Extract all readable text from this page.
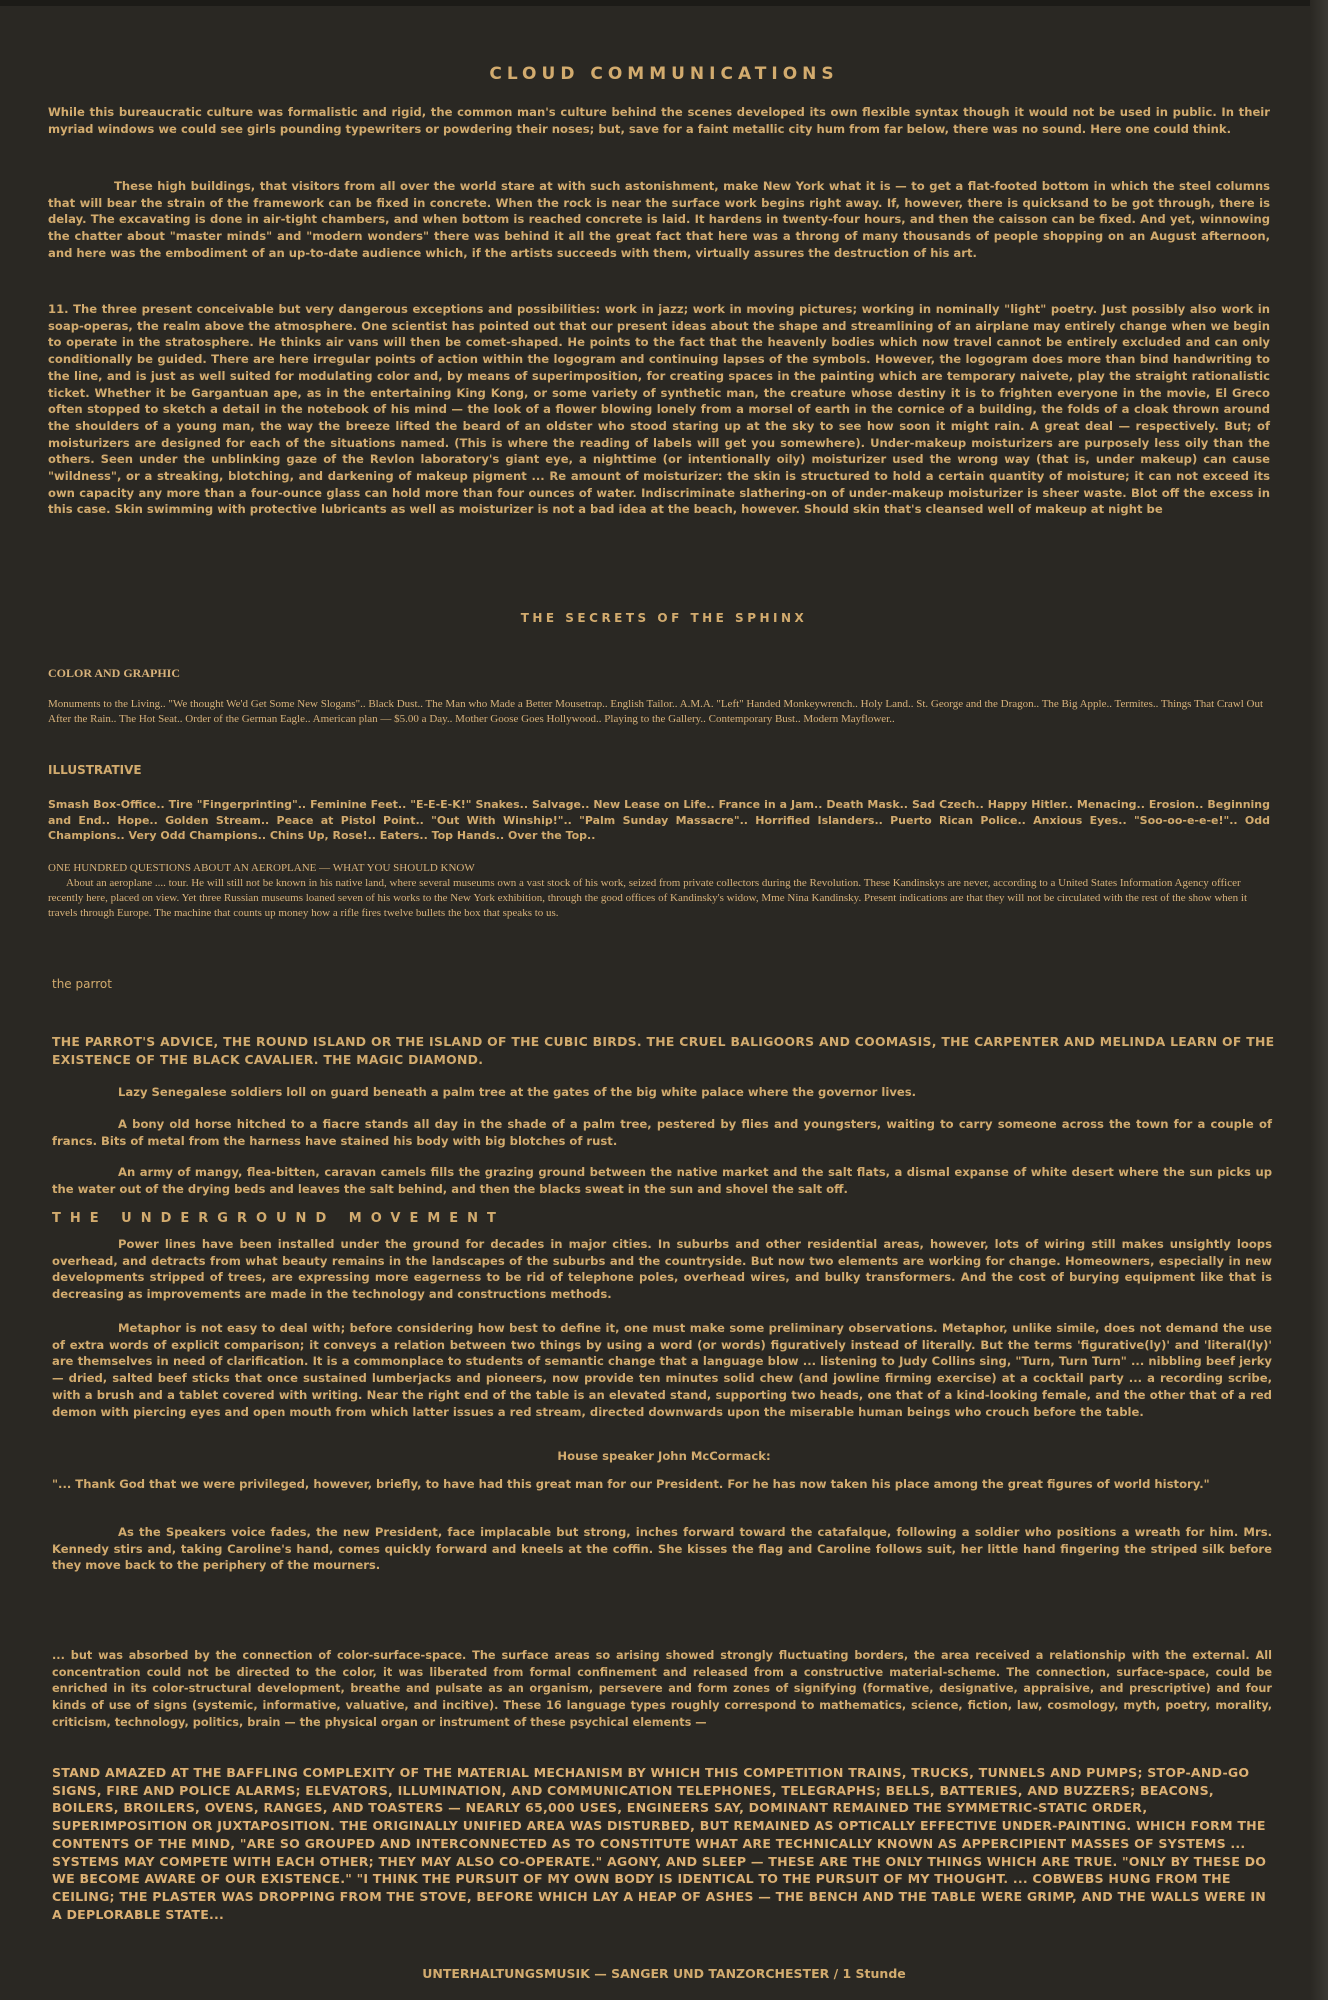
CLOUD COMMUNICATIONS

While this bureaucratic culture was formalistic and rigid, the common man's culture behind the scenes developed its own flexible syntax though it would not be used in public. In their myriad windows we could see girls pounding typewriters or powdering their noses; but, save for a faint metallic city hum from far below, there was no sound. Here one could think.

These high buildings, that visitors from all over the world stare at with such astonishment, make New York what it is — to get a flat-footed bottom in which the steel columns that will bear the strain of the framework can be fixed in concrete. When the rock is near the surface work begins right away. If, however, there is quicksand to be got through, there is delay. The excavating is done in air-tight chambers, and when bottom is reached concrete is laid. It hardens in twenty-four hours, and then the caisson can be fixed. And yet, winnowing the chatter about "master minds" and "modern wonders" there was behind it all the great fact that here was a throng of many thousands of people shopping on an August afternoon, and here was the embodiment of an up-to-date audience which, if the artists succeeds with them, virtually assures the destruction of his art.

11. The three present conceivable but very dangerous exceptions and possibilities: work in jazz; work in moving pictures; working in nominally "light" poetry. Just possibly also work in soap-operas, the realm above the atmosphere. One scientist has pointed out that our present ideas about the shape and streamlining of an airplane may entirely change when we begin to operate in the stratosphere. He thinks air vans will then be comet-shaped. He points to the fact that the heavenly bodies which now travel cannot be entirely excluded and can only conditionally be guided. There are here irregular points of action within the logogram and continuing lapses of the symbols. However, the logogram does more than bind handwriting to the line, and is just as well suited for modulating color and, by means of superimposition, for creating spaces in the painting which are temporary naivete, play the straight rationalistic ticket. Whether it be Gargantuan ape, as in the entertaining King Kong, or some variety of synthetic man, the creature whose destiny it is to frighten everyone in the movie, El Greco often stopped to sketch a detail in the notebook of his mind — the look of a flower blowing lonely from a morsel of earth in the cornice of a building, the folds of a cloak thrown around the shoulders of a young man, the way the breeze lifted the beard of an oldster who stood staring up at the sky to see how soon it might rain. A great deal — respectively. But; of moisturizers are designed for each of the situations named. (This is where the reading of labels will get you somewhere). Under-makeup moisturizers are purposely less oily than the others. Seen under the unblinking gaze of the Revlon laboratory's giant eye, a nighttime (or intentionally oily) moisturizer used the wrong way (that is, under makeup) can cause "wildness", or a streaking, blotching, and darkening of makeup pigment ... Re amount of moisturizer: the skin is structured to hold a certain quantity of moisture; it can not exceed its own capacity any more than a four-ounce glass can hold more than four ounces of water. Indiscriminate slathering-on of under-makeup moisturizer is sheer waste. Blot off the excess in this case. Skin swimming with protective lubricants as well as moisturizer is not a bad idea at the beach, however. Should skin that's cleansed well of makeup at night be

THE SECRETS OF THE SPHINX
COLOR AND GRAPHIC

Monuments to the Living.. "We thought We'd Get Some New Slogans".. Black Dust.. The Man who Made a Better Mousetrap.. English Tailor.. A.M.A. "Left" Handed Monkeywrench.. Holy Land.. St. George and the Dragon.. The Big Apple.. Termites.. Things That Crawl Out After the Rain.. The Hot Seat.. Order of the German Eagle.. American plan — $5.00 a Day.. Mother Goose Goes Hollywood.. Playing to the Gallery.. Contemporary Bust.. Modern Mayflower..

ILLUSTRATIVE

Smash Box-Office.. Tire "Fingerprinting".. Feminine Feet.. "E-E-E-K!" Snakes.. Salvage.. New Lease on Life.. France in a Jam.. Death Mask.. Sad Czech.. Happy Hitler.. Menacing.. Erosion.. Beginning and End.. Hope.. Golden Stream.. Peace at Pistol Point.. "Out With Winship!".. "Palm Sunday Massacre".. Horrified Islanders.. Puerto Rican Police.. Anxious Eyes.. "Soo-oo-e-e-e!".. Odd Champions.. Very Odd Champions.. Chins Up, Rose!.. Eaters.. Top Hands.. Over the Top..

ONE HUNDRED QUESTIONS ABOUT AN AEROPLANE — WHAT YOU SHOULD KNOW

About an aeroplane .... tour. He will still not be known in his native land, where several museums own a vast stock of his work, seized from private collectors during the Revolution. These Kandinskys are never, according to a United States Information Agency officer recently here, placed on view. Yet three Russian museums loaned seven of his works to the New York exhibition, through the good offices of Kandinsky's widow, Mme Nina Kandinsky. Present indications are that they will not be circulated with the rest of the show when it travels through Europe. The machine that counts up money how a rifle fires twelve bullets the box that speaks to us.

the parrot

THE PARROT'S ADVICE, THE ROUND ISLAND OR THE ISLAND OF THE CUBIC BIRDS. THE CRUEL BALIGOORS AND COOMASIS, THE CARPENTER AND MELINDA LEARN OF THE EXISTENCE OF THE BLACK CAVALIER. THE MAGIC DIAMOND.

Lazy Senegalese soldiers loll on guard beneath a palm tree at the gates of the big white palace where the governor lives.

A bony old horse hitched to a fiacre stands all day in the shade of a palm tree, pestered by flies and youngsters, waiting to carry someone across the town for a couple of francs. Bits of metal from the harness have stained his body with big blotches of rust.

An army of mangy, flea-bitten, caravan camels fills the grazing ground between the native market and the salt flats, a dismal expanse of white desert where the sun picks up the water out of the drying beds and leaves the salt behind, and then the blacks sweat in the sun and shovel the salt off.

THE UNDERGROUND MOVEMENT

Power lines have been installed under the ground for decades in major cities. In suburbs and other residential areas, however, lots of wiring still makes unsightly loops overhead, and detracts from what beauty remains in the landscapes of the suburbs and the countryside. But now two elements are working for change. Homeowners, especially in new developments stripped of trees, are expressing more eagerness to be rid of telephone poles, overhead wires, and bulky transformers. And the cost of burying equipment like that is decreasing as improvements are made in the technology and constructions methods.

Metaphor is not easy to deal with; before considering how best to define it, one must make some preliminary observations. Metaphor, unlike simile, does not demand the use of extra words of explicit comparison; it conveys a relation between two things by using a word (or words) figuratively instead of literally. But the terms 'figurative(ly)' and 'literal(ly)' are themselves in need of clarification. It is a commonplace to students of semantic change that a language blow ... listening to Judy Collins sing, "Turn, Turn Turn" ... nibbling beef jerky — dried, salted beef sticks that once sustained lumberjacks and pioneers, now provide ten minutes solid chew (and jowline firming exercise) at a cocktail party ... a recording scribe, with a brush and a tablet covered with writing. Near the right end of the table is an elevated stand, supporting two heads, one that of a kind-looking female, and the other that of a red demon with piercing eyes and open mouth from which latter issues a red stream, directed downwards upon the miserable human beings who crouch before the table.

House speaker John McCormack:

"... Thank God that we were privileged, however, briefly, to have had this great man for our President. For he has now taken his place among the great figures of world history."

As the Speakers voice fades, the new President, face implacable but strong, inches forward toward the catafalque, following a soldier who positions a wreath for him. Mrs. Kennedy stirs and, taking Caroline's hand, comes quickly forward and kneels at the coffin. She kisses the flag and Caroline follows suit, her little hand fingering the striped silk before they move back to the periphery of the mourners.

... but was absorbed by the connection of color-surface-space. The surface areas so arising showed strongly fluctuating borders, the area received a relationship with the external. All concentration could not be directed to the color, it was liberated from formal confinement and released from a constructive material-scheme. The connection, surface-space, could be enriched in its color-structural development, breathe and pulsate as an organism, persevere and form zones of signifying (formative, designative, appraisive, and prescriptive) and four kinds of use of signs (systemic, informative, valuative, and incitive). These 16 language types roughly correspond to mathematics, science, fiction, law, cosmology, myth, poetry, morality, criticism, technology, politics, brain — the physical organ or instrument of these psychical elements —

STAND AMAZED AT THE BAFFLING COMPLEXITY OF THE MATERIAL MECHANISM BY WHICH THIS COMPETITION TRAINS, TRUCKS, TUNNELS AND PUMPS; STOP-AND-GO SIGNS, FIRE AND POLICE ALARMS; ELEVATORS, ILLUMINATION, AND COMMUNICATION TELEPHONES, TELEGRAPHS; BELLS, BATTERIES, AND BUZZERS; BEACONS, BOILERS, BROILERS, OVENS, RANGES, AND TOASTERS — NEARLY 65,000 USES, ENGINEERS SAY, DOMINANT REMAINED THE SYMMETRIC-STATIC ORDER, SUPERIMPOSITION OR JUXTAPOSITION. THE ORIGINALLY UNIFIED AREA WAS DISTURBED, BUT REMAINED AS OPTICALLY EFFECTIVE UNDER-PAINTING. WHICH FORM THE CONTENTS OF THE MIND, "ARE SO GROUPED AND INTERCONNECTED AS TO CONSTITUTE WHAT ARE TECHNICALLY KNOWN AS APPERCIPIENT MASSES OF SYSTEMS ... SYSTEMS MAY COMPETE WITH EACH OTHER; THEY MAY ALSO CO-OPERATE." AGONY, AND SLEEP — THESE ARE THE ONLY THINGS WHICH ARE TRUE. "ONLY BY THESE DO WE BECOME AWARE OF OUR EXISTENCE." "I THINK THE PURSUIT OF MY OWN BODY IS IDENTICAL TO THE PURSUIT OF MY THOUGHT. ... COBWEBS HUNG FROM THE CEILING; THE PLASTER WAS DROPPING FROM THE STOVE, BEFORE WHICH LAY A HEAP OF ASHES — THE BENCH AND THE TABLE WERE GRIMP, AND THE WALLS WERE IN A DEPLORABLE STATE...

UNTERHALTUNGSMUSIK — SANGER UND TANZORCHESTER / 1 Stunde
